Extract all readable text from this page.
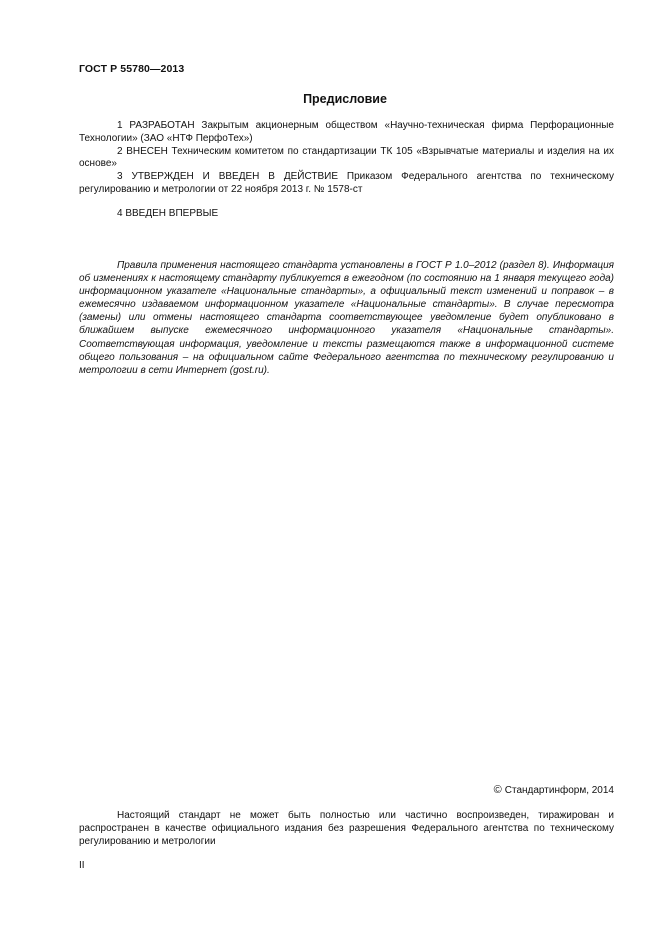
ГОСТ Р 55780—2013
Предисловие

1 РАЗРАБОТАН Закрытым акционерным обществом «Научно-техническая фирма Перфорационные Технологии» (ЗАО «НТФ ПерфоТех»)

2 ВНЕСЕН Техническим комитетом по стандартизации ТК 105 «Взрывчатые материалы и изделия на их основе»

3 УТВЕРЖДЕН И ВВЕДЕН В ДЕЙСТВИЕ Приказом Федерального агентства по техническому регулированию и метрологии от 22 ноября 2013 г. № 1578-ст

4 ВВЕДЕН ВПЕРВЫЕ

Правила применения настоящего стандарта установлены в ГОСТ Р 1.0–2012 (раздел 8). Информация об изменениях к настоящему стандарту публикуется в ежегодном (по состоянию на 1 января текущего года) информационном указателе «Национальные стандарты», а официальный текст изменений и поправок – в ежемесячно издаваемом информационном указателе «Национальные стандарты». В случае пересмотра (замены) или отмены настоящего стандарта соответствующее уведомление будет опубликовано в ближайшем выпуске ежемесячного информационного указателя «Национальные стандарты». Соответствующая информация, уведомление и тексты размещаются также в информационной системе общего пользования – на официальном сайте Федерального агентства по техническому регулированию и метрологии в сети Интернет (gost.ru).

© Стандартинформ, 2014

Настоящий стандарт не может быть полностью или частично воспроизведен, тиражирован и распространен в качестве официального издания без разрешения Федерального агентства по техническому регулированию и метрологии

II
